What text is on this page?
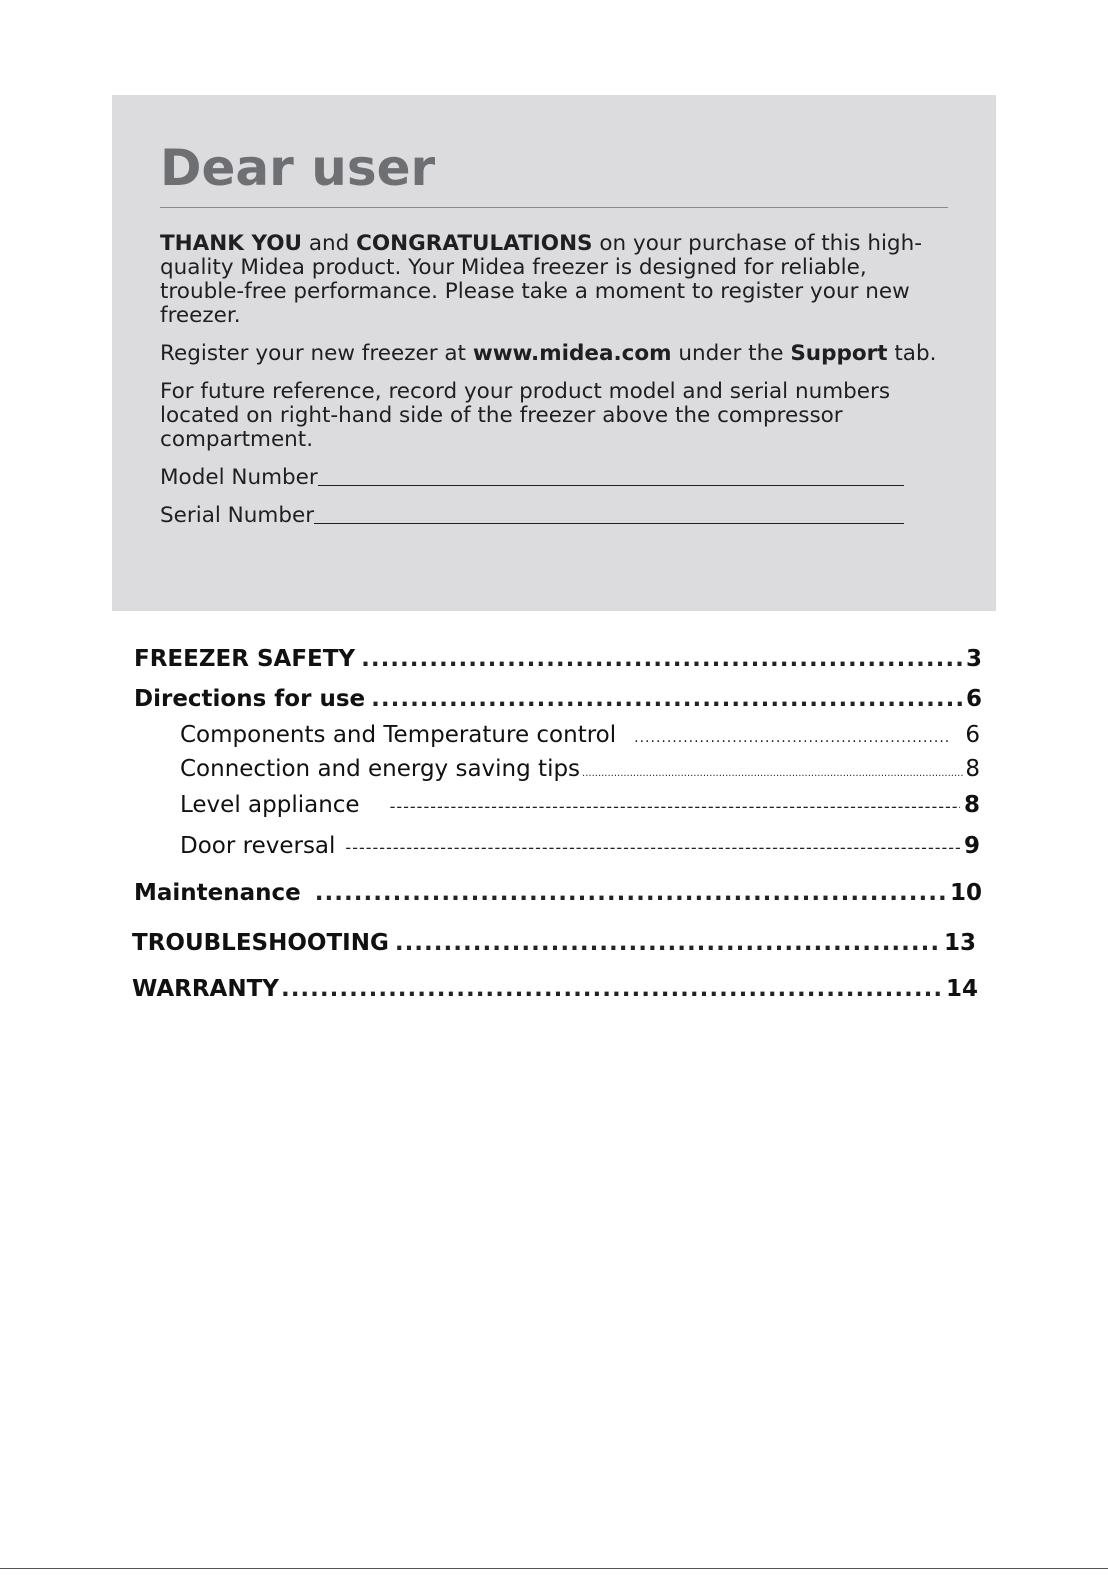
Dear user

THANK YOU and CONGRATULATIONS on your purchase of this high-quality Midea product. Your Midea freezer is designed for reliable, trouble-free performance. Please take a moment to register your new freezer.

Register your new freezer at www.midea.com under the Support tab.

For future reference, record your product model and serial numbers located on right-hand side of the freezer above the compressor compartment.

Model Number

Serial Number

FREEZER SAFETY .....	3
Directions for use .....	6
Components and Temperature control .....	6
Connection and energy saving tips .....	8
Level appliance -----	8
Door reversal -----	9
Maintenance .....	10
TROUBLESHOOTING .....	13
WARRANTY .....	14
